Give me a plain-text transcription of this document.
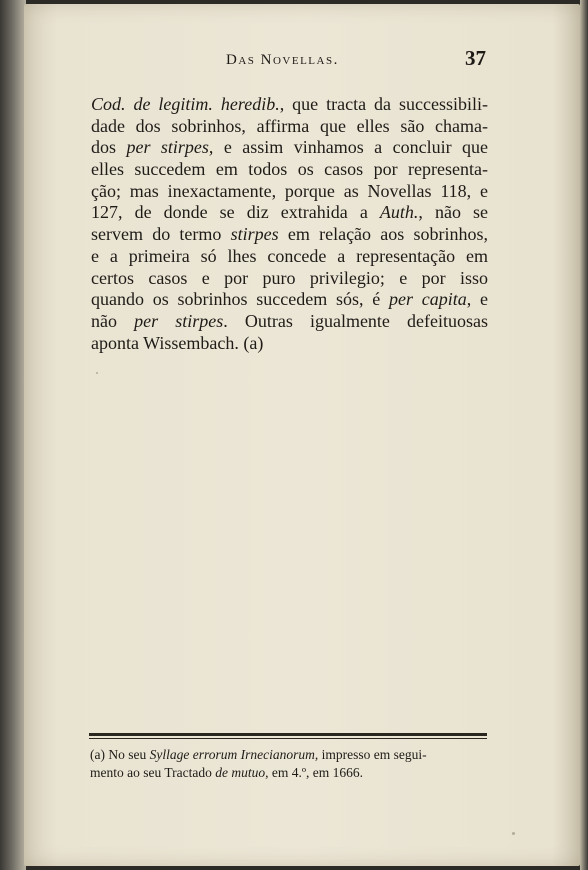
Das Novellas.	37
Cod. de legitim. heredib., que tracta da successibili-
dade dos sobrinhos, affirma que elles são chama-
dos per stirpes, e assim vinhamos a concluir que
elles succedem em todos os casos por representa-
ção; mas inexactamente, porque as Novellas 118, e
127, de donde se diz extrahida a Auth., não se
servem do termo stirpes em relação aos sobrinhos,
e a primeira só lhes concede a representação em
certos casos e por puro privilegio; e por isso
quando os sobrinhos succedem sós, é per capita, e
não per stirpes. Outras igualmente defeituosas
aponta Wissembach. (a)
(a) No seu Syllage errorum Irnecianorum, impresso em segui-
mento ao seu Tractado de mutuo, em 4.º, em 1666.
